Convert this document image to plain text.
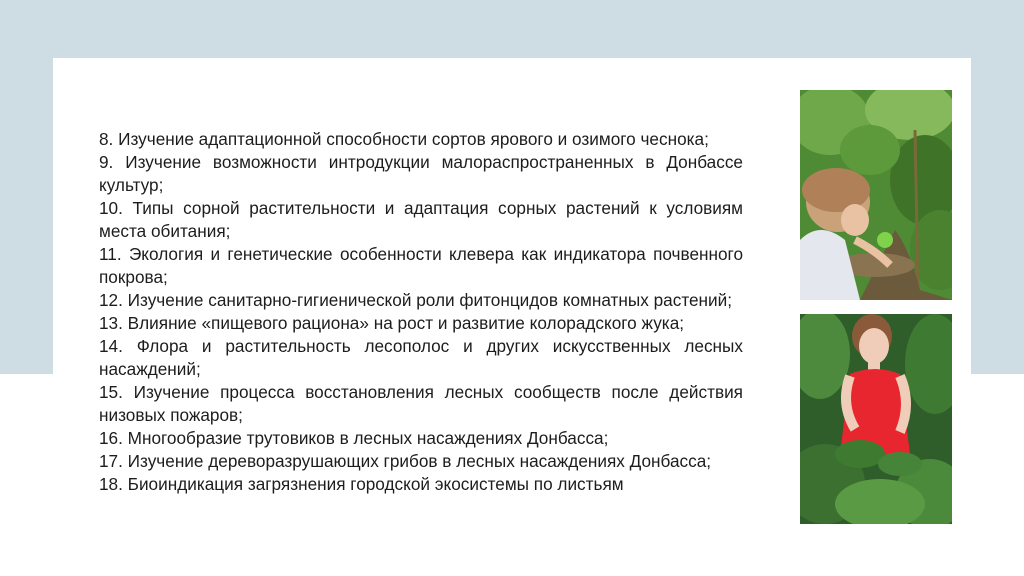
8. Изучение адаптационной способности сортов ярового и озимого чеснока;

9. Изучение возможности интродукции малораспространенных в Донбассе культур;

10. Типы сорной растительности и адаптация сорных растений к условиям места обитания;

11. Экология и генетические особенности клевера как индикатора почвенного покрова;

12. Изучение санитарно-гигиенической роли фитонцидов комнатных растений;

13. Влияние «пищевого рациона» на рост и развитие колорадского жука;

14. Флора и растительность лесополос и других искусственных лесных насаждений;

15. Изучение процесса восстановления лесных сообществ после действия низовых пожаров;

16. Многообразие трутовиков в лесных насаждениях Донбасса;

17. Изучение дереворазрушающих грибов в лесных насаждениях Донбасса;

18. Биоиндикация загрязнения городской экосистемы по листьям
